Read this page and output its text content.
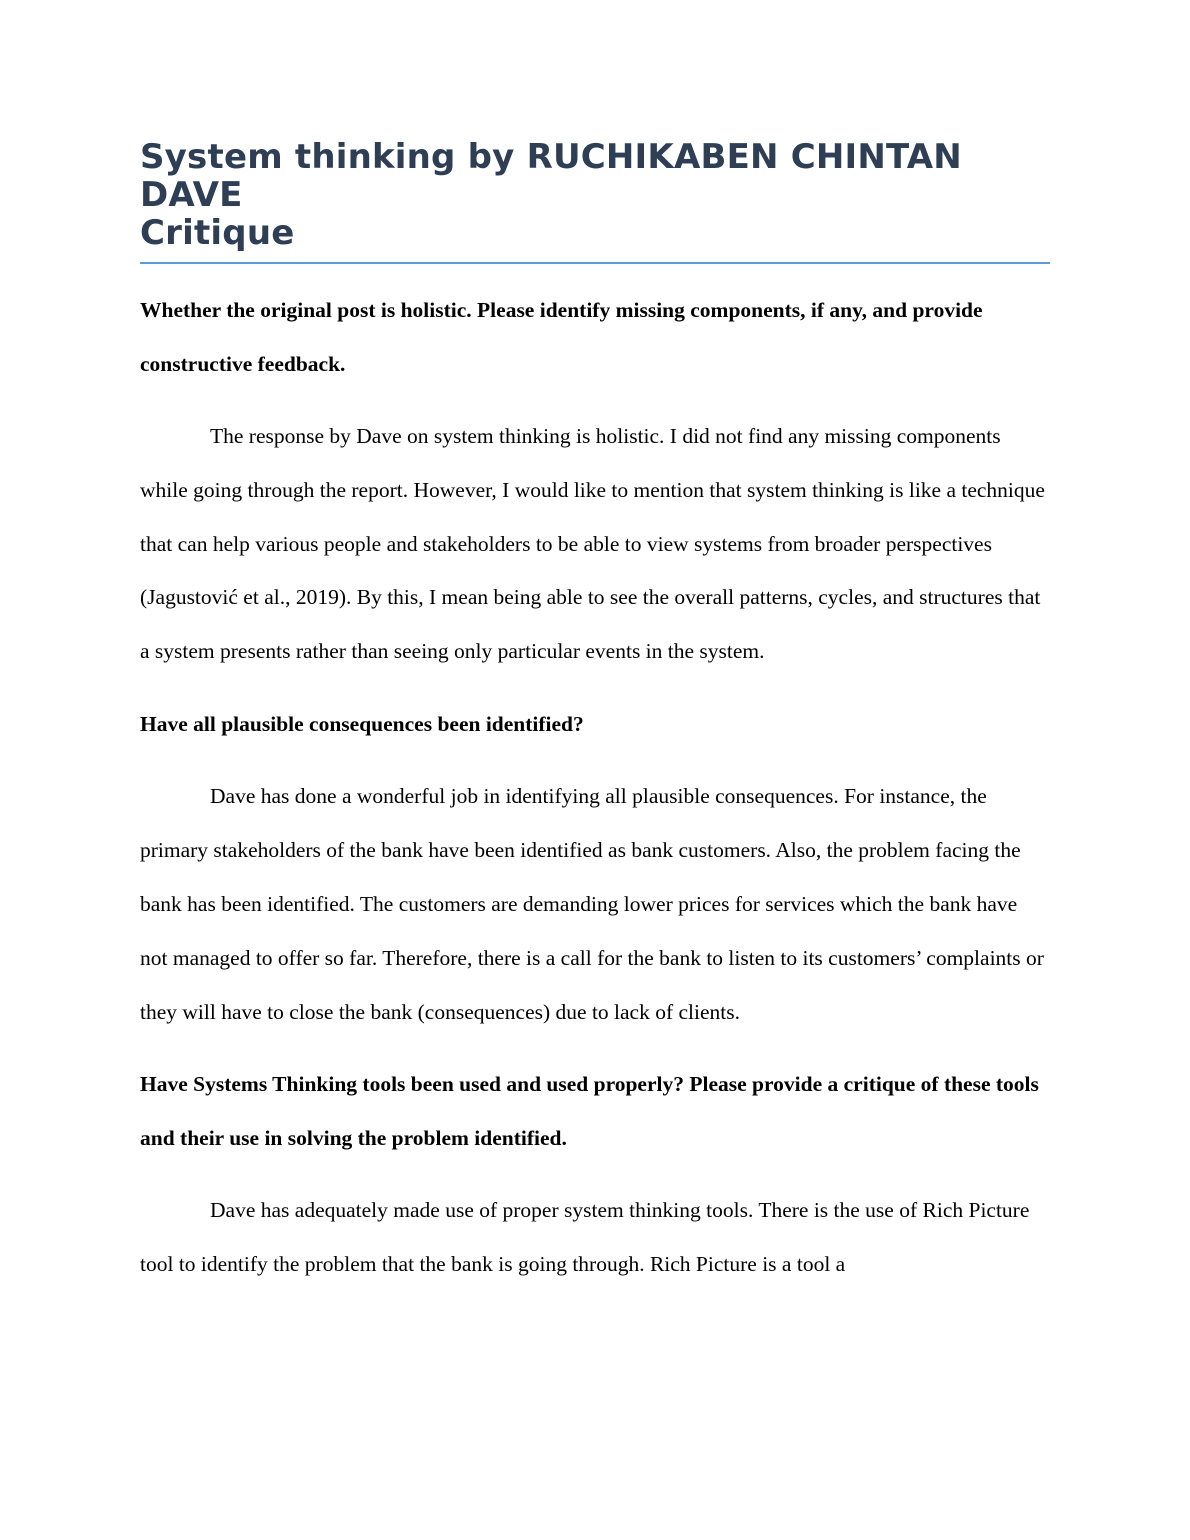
System thinking by RUCHIKABEN CHINTAN DAVE
Critique

Whether the original post is holistic. Please identify missing components, if any, and provide constructive feedback.

The response by Dave on system thinking is holistic. I did not find any missing components while going through the report. However, I would like to mention that system thinking is like a technique that can help various people and stakeholders to be able to view systems from broader perspectives (Jagustović et al., 2019). By this, I mean being able to see the overall patterns, cycles, and structures that a system presents rather than seeing only particular events in the system.

Have all plausible consequences been identified?

Dave has done a wonderful job in identifying all plausible consequences. For instance, the primary stakeholders of the bank have been identified as bank customers. Also, the problem facing the bank has been identified. The customers are demanding lower prices for services which the bank have not managed to offer so far. Therefore, there is a call for the bank to listen to its customers’ complaints or they will have to close the bank (consequences) due to lack of clients.

Have Systems Thinking tools been used and used properly? Please provide a critique of these tools and their use in solving the problem identified.

Dave has adequately made use of proper system thinking tools. There is the use of Rich Picture tool to identify the problem that the bank is going through. Rich Picture is a tool a
